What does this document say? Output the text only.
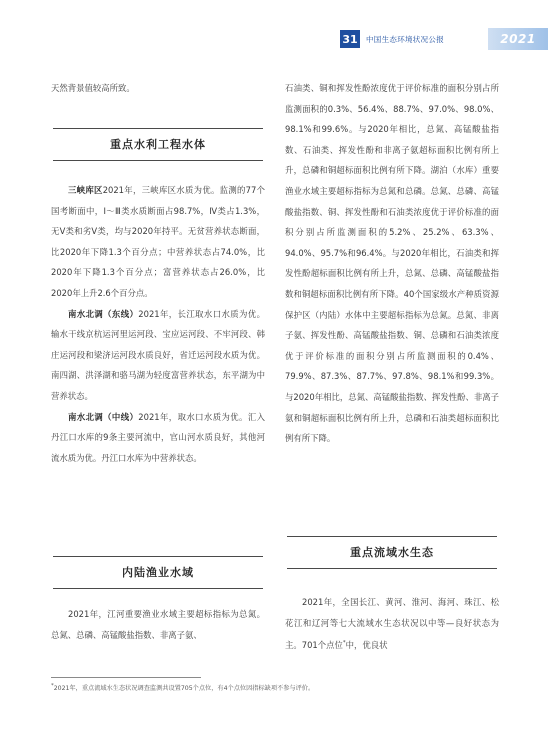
31	中国生态环境状况公报	2021

天然背景值较高所致。

重点水利工程水体

三峡库区2021年，三峡库区水质为优。监测的77个国考断面中，Ⅰ～Ⅲ类水质断面占98.7%，Ⅳ类占1.3%，无Ⅴ类和劣Ⅴ类，均与2020年持平。无贫营养状态断面，比2020年下降1.3个百分点；中营养状态占74.0%，比2020年下降1.3个百分点；富营养状态占26.0%，比2020年上升2.6个百分点。

南水北调（东线）2021年，长江取水口水质为优。输水干线京杭运河里运河段、宝应运河段、不牢河段、韩庄运河段和梁济运河段水质良好，省迁运河段水质为优。南四湖、洪泽湖和骆马湖为轻度富营养状态，东平湖为中营养状态。

南水北调（中线）2021年，取水口水质为优。汇入丹江口水库的9条主要河流中，官山河水质良好，其他河流水质为优。丹江口水库为中营养状态。

内陆渔业水域

2021年，江河重要渔业水域主要超标指标为总氮。总氮、总磷、高锰酸盐指数、非离子氨、

石油类、铜和挥发性酚浓度优于评价标准的面积分别占所监测面积的0.3%、56.4%、88.7%、97.0%、98.0%、98.1%和99.6%。与2020年相比，总氮、高锰酸盐指数、石油类、挥发性酚和非离子氨超标面积比例有所上升，总磷和铜超标面积比例有所下降。湖泊（水库）重要渔业水域主要超标指标为总氮和总磷。总氮、总磷、高锰酸盐指数、铜、挥发性酚和石油类浓度优于评价标准的面积分别占所监测面积的5.2%、25.2%、63.3%、94.0%、95.7%和96.4%。与2020年相比，石油类和挥发性酚超标面积比例有所上升，总氮、总磷、高锰酸盐指数和铜超标面积比例有所下降。40个国家级水产种质资源保护区（内陆）水体中主要超标指标为总氮。总氮、非离子氨、挥发性酚、高锰酸盐指数、铜、总磷和石油类浓度优于评价标准的面积分别占所监测面积的0.4%、79.9%、87.3%、87.7%、97.8%、98.1%和99.3%。与2020年相比，总氮、高锰酸盐指数、挥发性酚、非离子氨和铜超标面积比例有所上升，总磷和石油类超标面积比例有所下降。

重点流域水生态

2021年，全国长江、黄河、淮河、海河、珠江、松花江和辽河等七大流域水生态状况以中等—良好状态为主。701个点位*中，优良状

*2021年，重点流域水生态状况调查监测共设置705个点位，有4个点位因指标缺项不参与评价。
